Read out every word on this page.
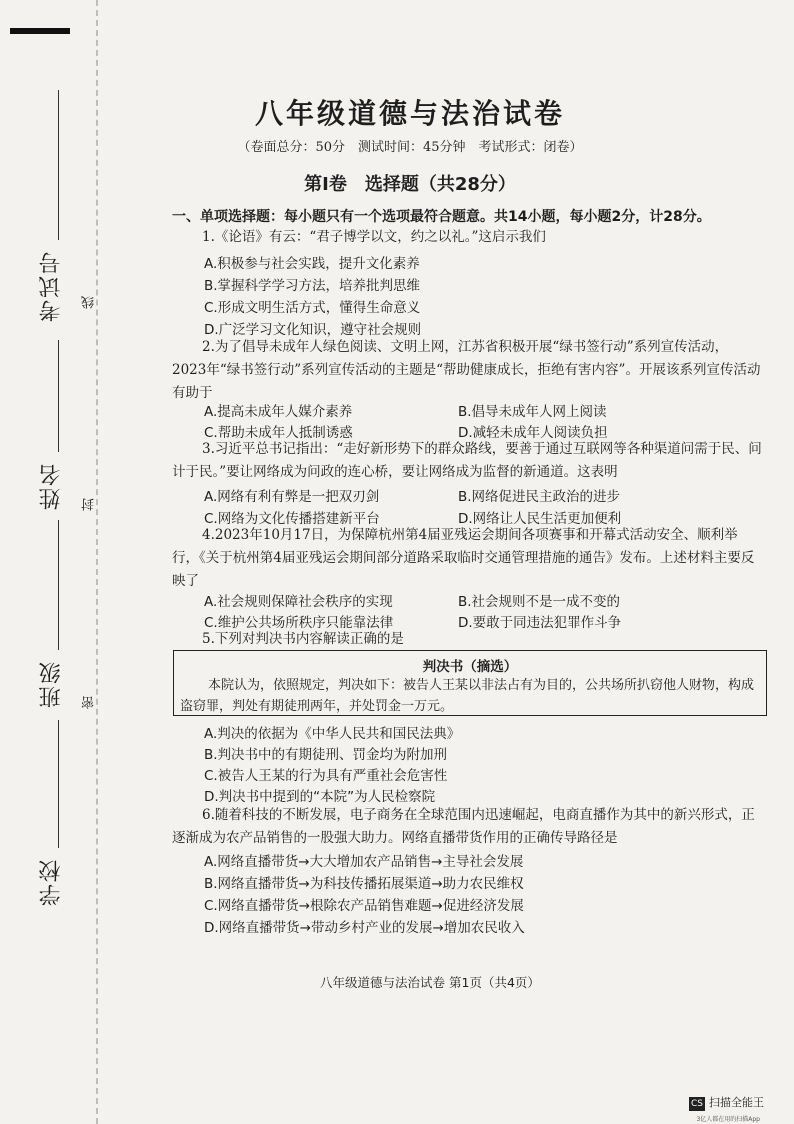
考试号
姓名
班级
学校
线
封
密
八年级道德与法治试卷
（卷面总分：50分　测试时间：45分钟　考试形式：闭卷）
第Ⅰ卷　选择题（共28分）
一、单项选择题：每小题只有一个选项最符合题意。共14小题，每小题2分，计28分。
1.《论语》有云：“君子博学以文，约之以礼。”这启示我们
A.积极参与社会实践，提升文化素养
B.掌握科学学习方法，培养批判思维
C.形成文明生活方式，懂得生命意义
D.广泛学习文化知识，遵守社会规则
2.为了倡导未成年人绿色阅读、文明上网，江苏省积极开展“绿书签行动”系列宣传活动，2023年“绿书签行动”系列宣传活动的主题是“帮助健康成长，拒绝有害内容”。开展该系列宣传活动有助于
A.提高未成年人媒介素养	B.倡导未成年人网上阅读
C.帮助未成年人抵制诱惑	D.减轻未成年人阅读负担
3.习近平总书记指出：“走好新形势下的群众路线，要善于通过互联网等各种渠道问需于民、问计于民。”要让网络成为问政的连心桥，要让网络成为监督的新通道。这表明
A.网络有利有弊是一把双刃剑	B.网络促进民主政治的进步
C.网络为文化传播搭建新平台	D.网络让人民生活更加便利
4.2023年10月17日，为保障杭州第4届亚残运会期间各项赛事和开幕式活动安全、顺利举行，《关于杭州第4届亚残运会期间部分道路采取临时交通管理措施的通告》发布。上述材料主要反映了
A.社会规则保障社会秩序的实现	B.社会规则不是一成不变的
C.维护公共场所秩序只能靠法律	D.要敢于同违法犯罪作斗争
5.下列对判决书内容解读正确的是
判决书（摘选）
本院认为，依照规定，判决如下：被告人王某以非法占有为目的，公共场所扒窃他人财物，构成盗窃罪，判处有期徒刑两年，并处罚金一万元。
A.判决的依据为《中华人民共和国民法典》
B.判决书中的有期徒刑、罚金均为附加刑
C.被告人王某的行为具有严重社会危害性
D.判决书中提到的“本院”为人民检察院
6.随着科技的不断发展，电子商务在全球范围内迅速崛起，电商直播作为其中的新兴形式，正逐渐成为农产品销售的一股强大助力。网络直播带货作用的正确传导路径是
A.网络直播带货→大大增加农产品销售→主导社会发展
B.网络直播带货→为科技传播拓展渠道→助力农民维权
C.网络直播带货→根除农产品销售难题→促进经济发展
D.网络直播带货→带动乡村产业的发展→增加农民收入
八年级道德与法治试卷 第1页（共4页）
CS 扫描全能王
3亿人都在用的扫描App
